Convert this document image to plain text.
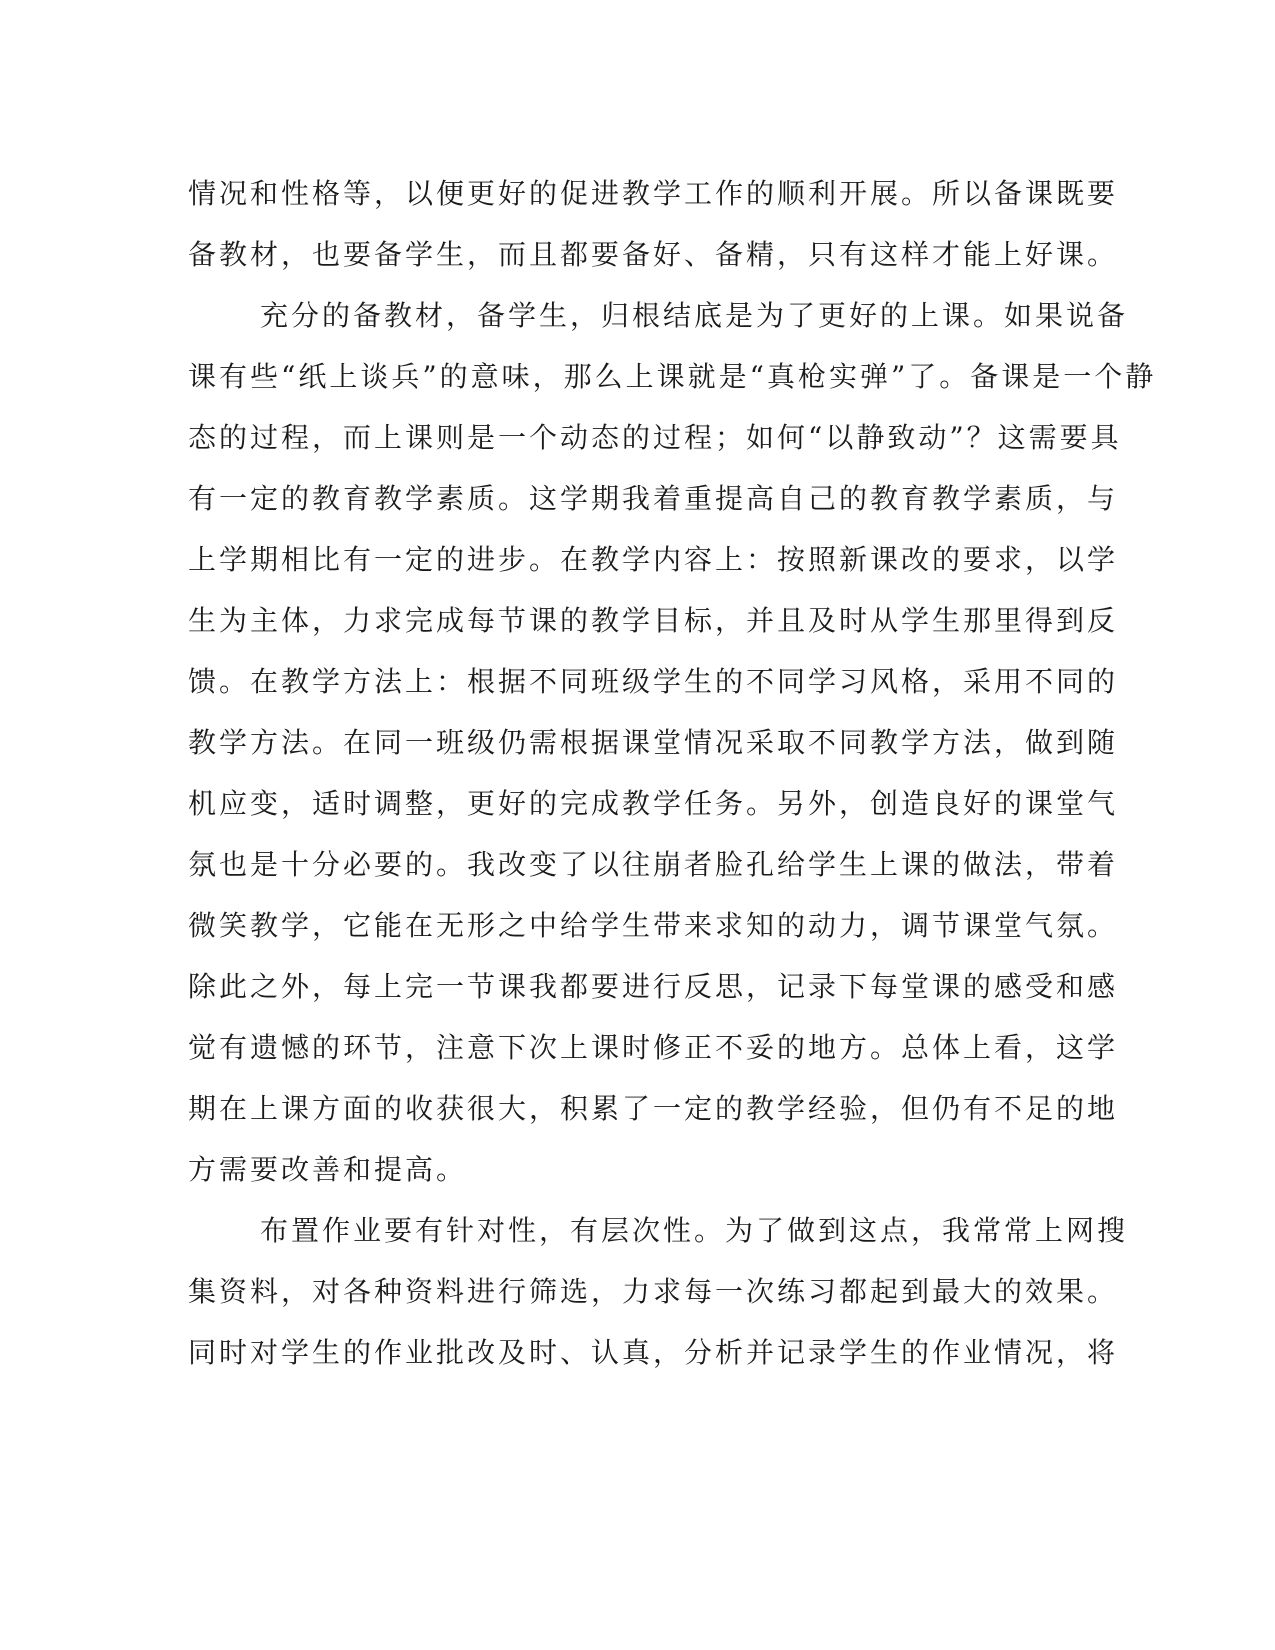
情况和性格等，以便更好的促进教学工作的顺利开展。所以备课既要
备教材，也要备学生，而且都要备好、备精，只有这样才能上好课。
充分的备教材，备学生，归根结底是为了更好的上课。如果说备
课有些“纸上谈兵”的意味，那么上课就是“真枪实弹”了。备课是一个静
态的过程，而上课则是一个动态的过程；如何“以静致动”？这需要具
有一定的教育教学素质。这学期我着重提高自己的教育教学素质，与
上学期相比有一定的进步。在教学内容上：按照新课改的要求，以学
生为主体，力求完成每节课的教学目标，并且及时从学生那里得到反
馈。在教学方法上：根据不同班级学生的不同学习风格，采用不同的
教学方法。在同一班级仍需根据课堂情况采取不同教学方法，做到随
机应变，适时调整，更好的完成教学任务。另外，创造良好的课堂气
氛也是十分必要的。我改变了以往崩者脸孔给学生上课的做法，带着
微笑教学，它能在无形之中给学生带来求知的动力，调节课堂气氛。
除此之外，每上完一节课我都要进行反思，记录下每堂课的感受和感
觉有遗憾的环节，注意下次上课时修正不妥的地方。总体上看，这学
期在上课方面的收获很大，积累了一定的教学经验，但仍有不足的地
方需要改善和提高。
布置作业要有针对性，有层次性。为了做到这点，我常常上网搜
集资料，对各种资料进行筛选，力求每一次练习都起到最大的效果。
同时对学生的作业批改及时、认真，分析并记录学生的作业情况，将
